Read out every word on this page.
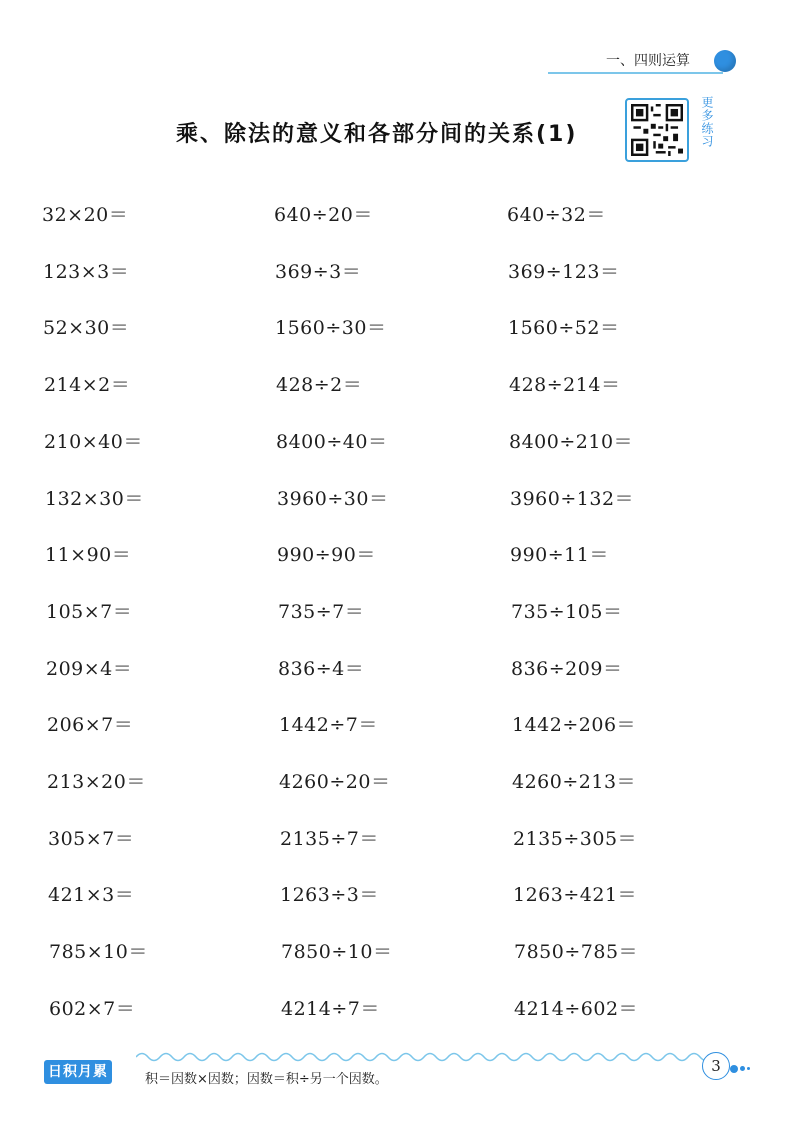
一、四则运算
乘、除法的意义和各部分间的关系(1)	更多练习
32×20＝	640÷20＝	640÷32＝
123×3＝	369÷3＝	369÷123＝
52×30＝	1560÷30＝	1560÷52＝
214×2＝	428÷2＝	428÷214＝
210×40＝	8400÷40＝	8400÷210＝
132×30＝	3960÷30＝	3960÷132＝
11×90＝	990÷90＝	990÷11＝
105×7＝	735÷7＝	735÷105＝
209×4＝	836÷4＝	836÷209＝
206×7＝	1442÷7＝	1442÷206＝
213×20＝	4260÷20＝	4260÷213＝
305×7＝	2135÷7＝	2135÷305＝
421×3＝	1263÷3＝	1263÷421＝
785×10＝	7850÷10＝	7850÷785＝
602×7＝	4214÷7＝	4214÷602＝
日积月累	积＝因数×因数；因数＝积÷另一个因数。
3
